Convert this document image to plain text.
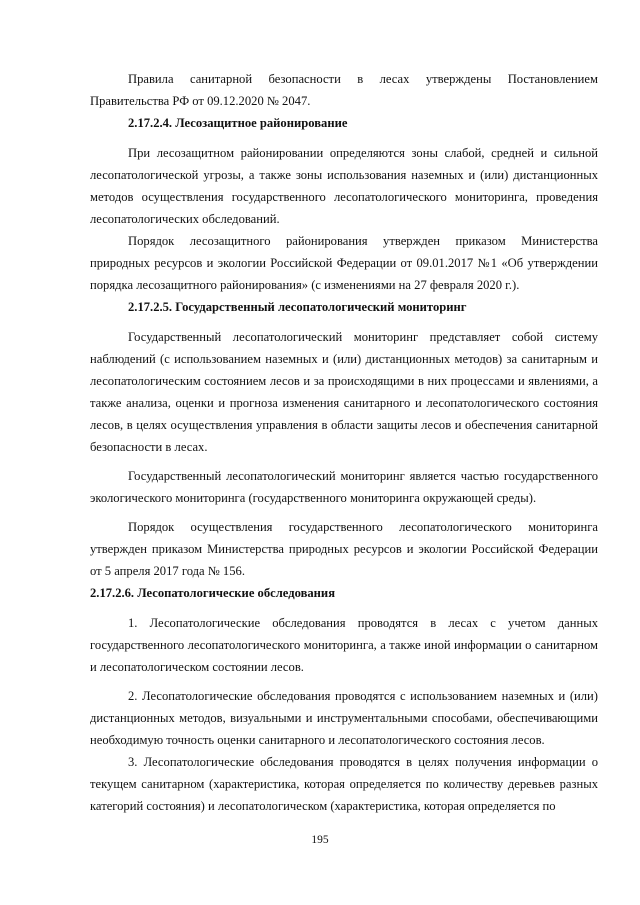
Правила санитарной безопасности в лесах утверждены Постановлением Правительства РФ от 09.12.2020 № 2047.

2.17.2.4. Лесозащитное районирование

При лесозащитном районировании определяются зоны слабой, средней и сильной лесопатологической угрозы, а также зоны использования наземных и (или) дистанционных методов осуществления государственного лесопатологического мониторинга, проведения лесопатологических обследований.

Порядок лесозащитного районирования утвержден приказом Министерства природных ресурсов и экологии Российской Федерации от 09.01.2017 №1 «Об утверждении порядка лесозащитного районирования» (с изменениями на 27 февраля 2020 г.).

2.17.2.5. Государственный лесопатологический мониторинг

Государственный лесопатологический мониторинг представляет собой систему наблюдений (с использованием наземных и (или) дистанционных методов) за санитарным и лесопатологическим состоянием лесов и за происходящими в них процессами и явлениями, а также анализа, оценки и прогноза изменения санитарного и лесопатологического состояния лесов, в целях осуществления управления в области защиты лесов и обеспечения санитарной безопасности в лесах.

Государственный лесопатологический мониторинг является частью государственного экологического мониторинга (государственного мониторинга окружающей среды).

Порядок осуществления государственного лесопатологического мониторинга утвержден приказом Министерства природных ресурсов и экологии Российской Федерации от 5 апреля 2017 года № 156.

2.17.2.6. Лесопатологические обследования

1. Лесопатологические обследования проводятся в лесах с учетом данных государственного лесопатологического мониторинга, а также иной информации о санитарном и лесопатологическом состоянии лесов.

2. Лесопатологические обследования проводятся с использованием наземных и (или) дистанционных методов, визуальными и инструментальными способами, обеспечивающими необходимую точность оценки санитарного и лесопатологического состояния лесов.

3. Лесопатологические обследования проводятся в целях получения информации о текущем санитарном (характеристика, которая определяется по количеству деревьев разных категорий состояния) и лесопатологическом (характеристика, которая определяется по

195
